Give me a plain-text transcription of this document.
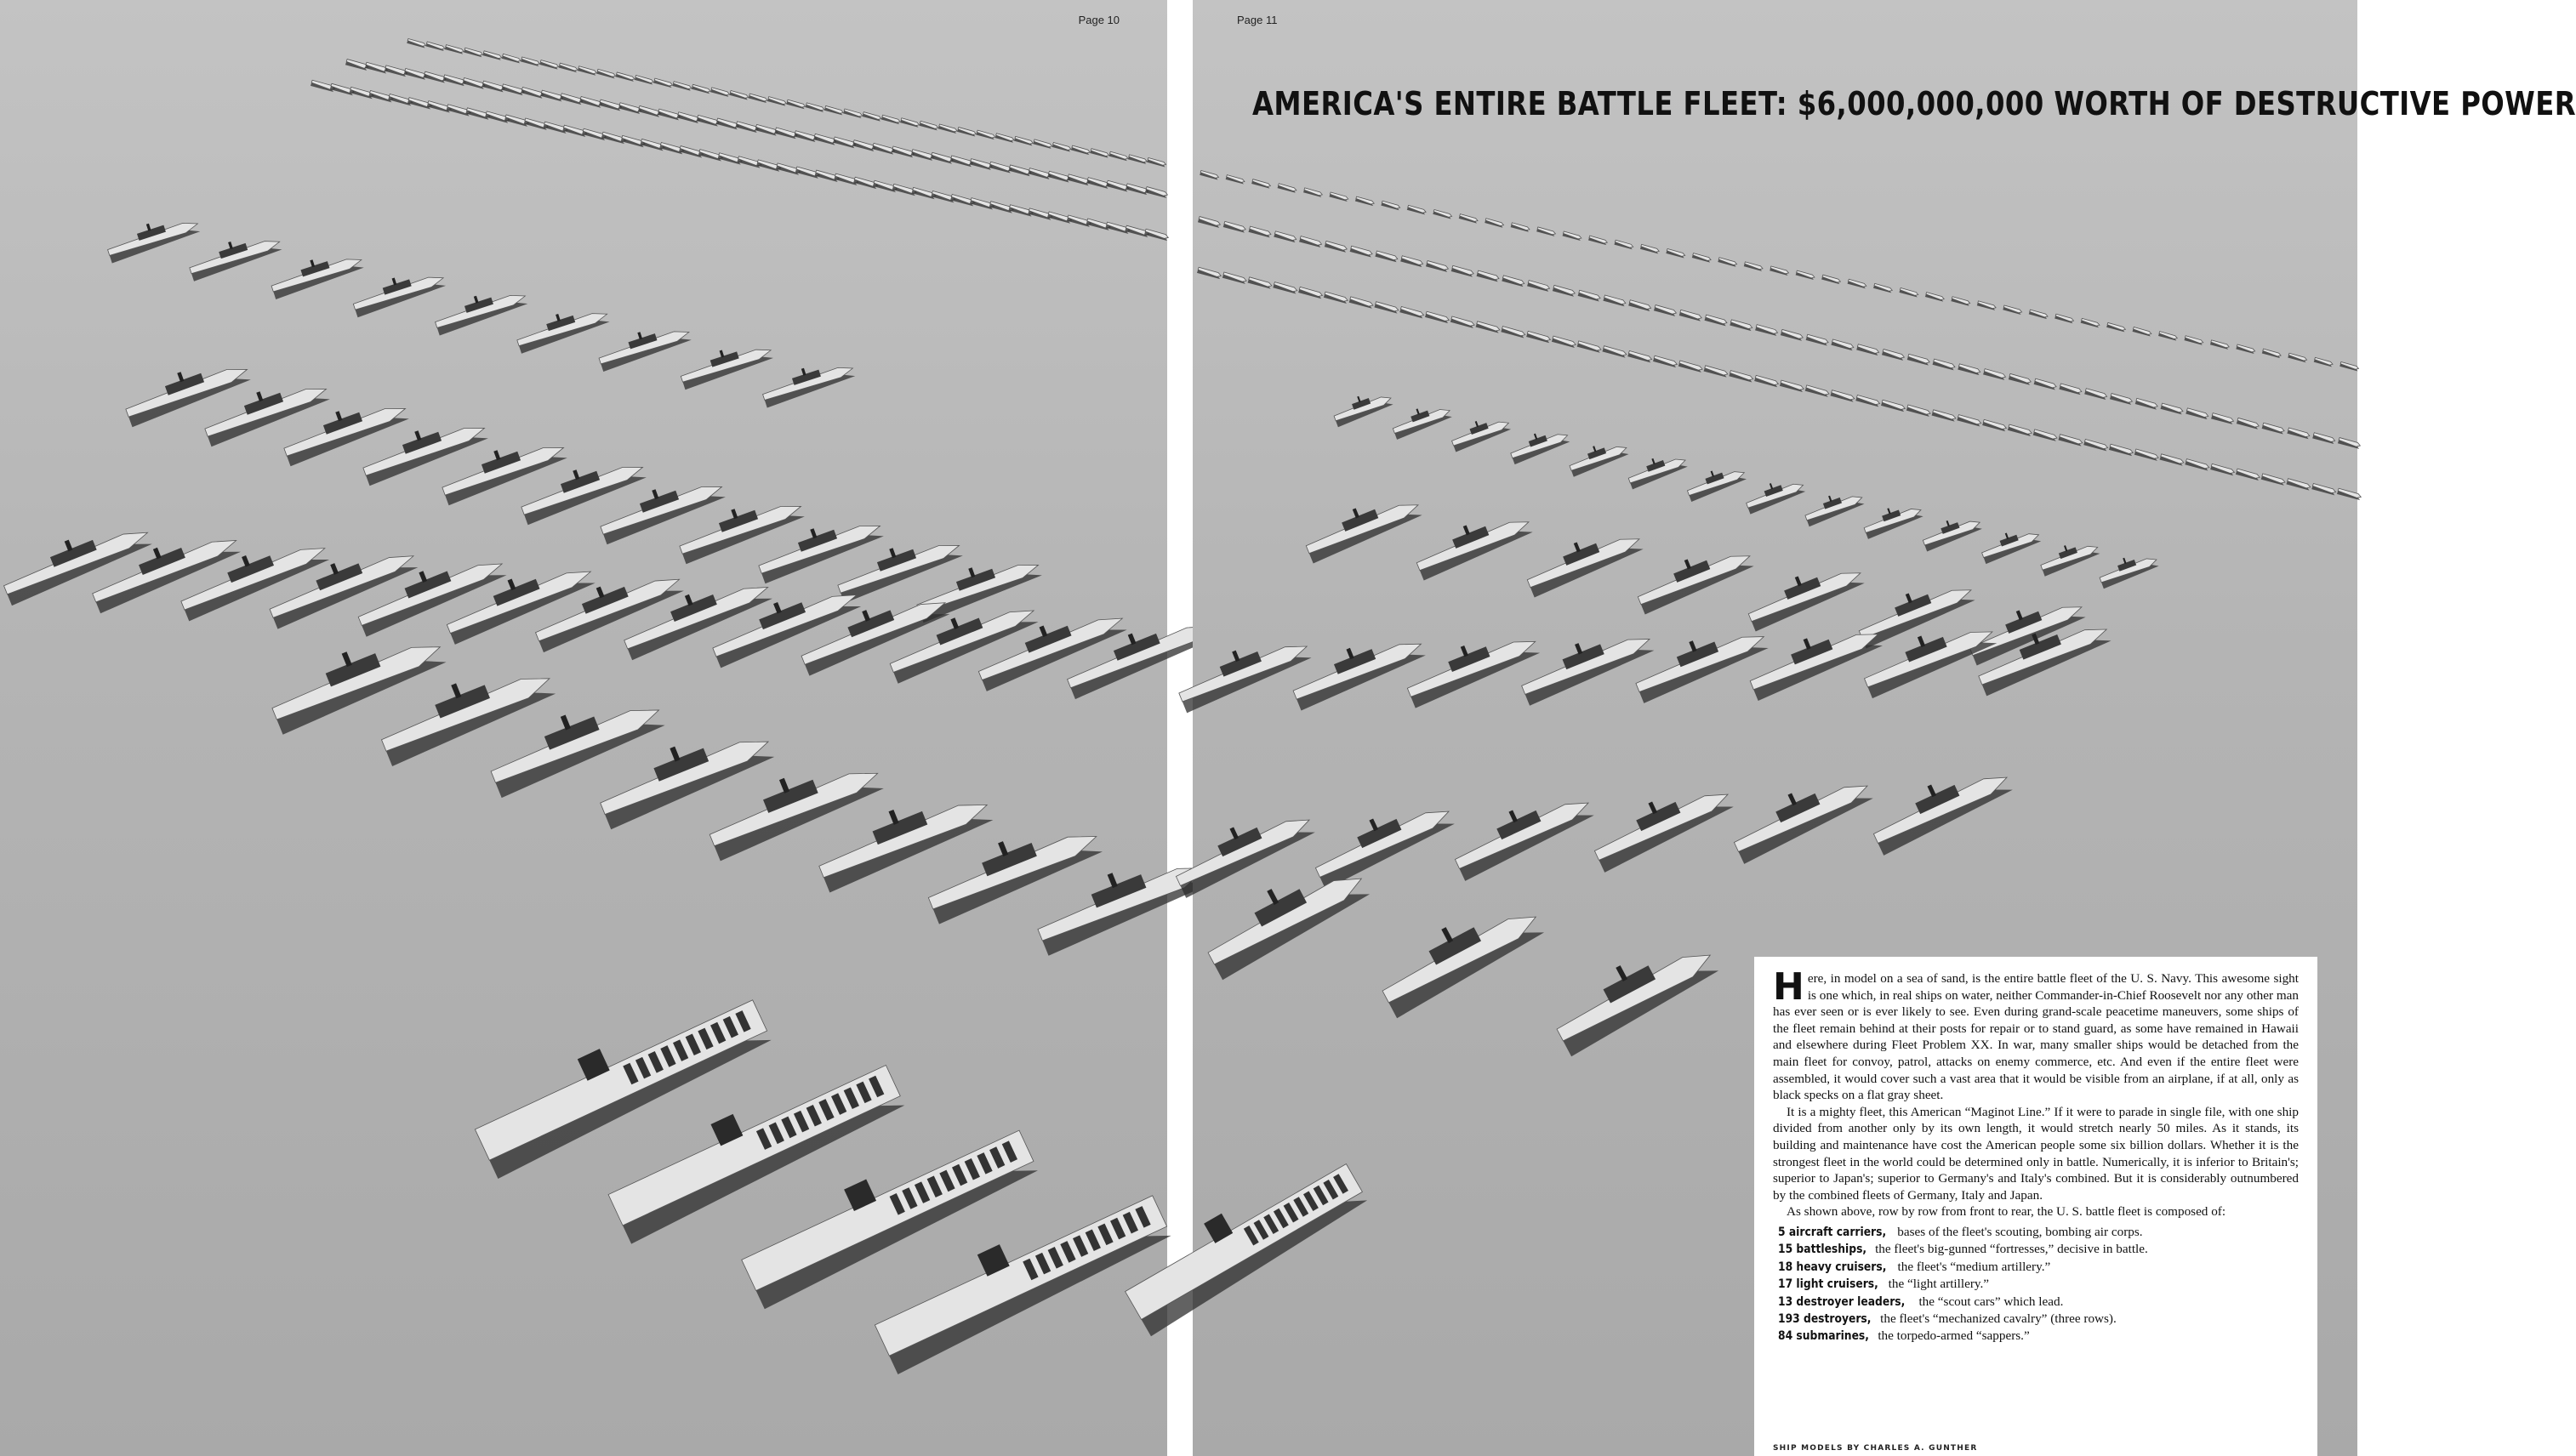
Page 10	Page 11
AMERICA'S ENTIRE BATTLE FLEET: $6,000,000,000 WORTH OF DESTRUCTIVE POWER

Here, in model on a sea of sand, is the entire battle fleet of the U. S. Navy. This awesome sight is one which, in real ships on water, neither Commander-in-Chief Roosevelt nor any other man has ever seen or is ever likely to see. Even during grand-scale peacetime maneuvers, some ships of the fleet remain behind at their posts for repair or to stand guard, as some have remained in Hawaii and elsewhere during Fleet Problem XX. In war, many smaller ships would be detached from the main fleet for convoy, patrol, attacks on enemy commerce, etc. And even if the entire fleet were assembled, it would cover such a vast area that it would be visible from an airplane, if at all, only as black specks on a flat gray sheet.

It is a mighty fleet, this American “Maginot Line.” If it were to parade in single file, with one ship divided from another only by its own length, it would stretch nearly 50 miles. As it stands, its building and maintenance have cost the American people some six billion dollars. Whether it is the strongest fleet in the world could be determined only in battle. Numerically, it is inferior to Britain's; superior to Japan's; superior to Germany's and Italy's combined. But it is considerably outnumbered by the combined fleets of Germany, Italy and Japan.

As shown above, row by row from front to rear, the U. S. battle fleet is composed of:

5 aircraft carriers, bases of the fleet's scouting, bombing air corps.
15 battleships, the fleet's big-gunned “fortresses,” decisive in battle.
18 heavy cruisers, the fleet's “medium artillery.”
17 light cruisers, the “light artillery.”
13 destroyer leaders, the “scout cars” which lead.
193 destroyers, the fleet's “mechanized cavalry” (three rows).
84 submarines, the torpedo-armed “sappers.”
SHIP MODELS BY CHARLES A. GUNTHER
